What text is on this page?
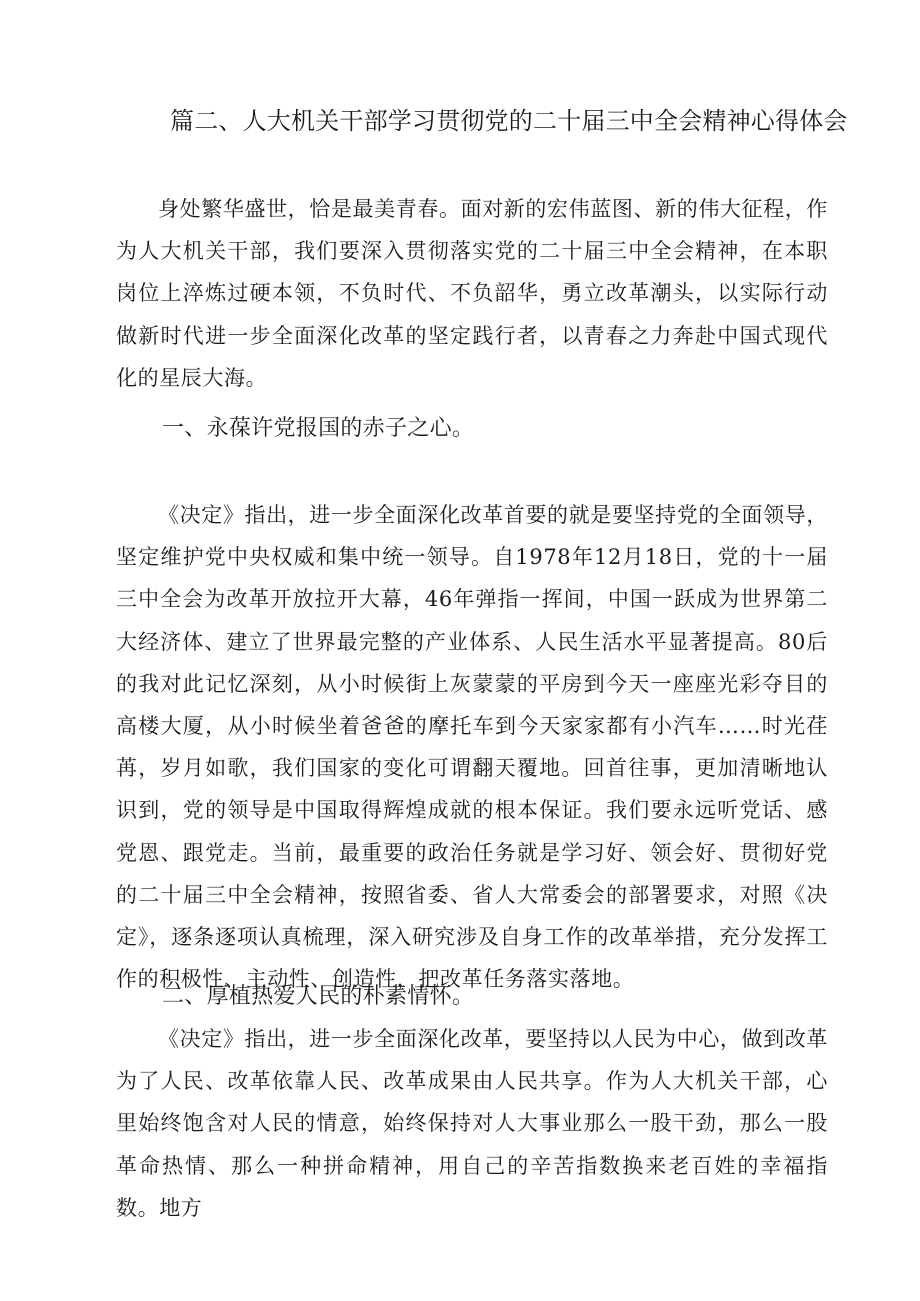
篇二、人大机关干部学习贯彻党的二十届三中全会精神心得体会

身处繁华盛世，恰是最美青春。面对新的宏伟蓝图、新的伟大征程，作为人大机关干部，我们要深入贯彻落实党的二十届三中全会精神，在本职岗位上淬炼过硬本领，不负时代、不负韶华，勇立改革潮头，以实际行动做新时代进一步全面深化改革的坚定践行者，以青春之力奔赴中国式现代化的星辰大海。

一、永葆许党报国的赤子之心。

《决定》指出，进一步全面深化改革首要的就是要坚持党的全面领导，坚定维护党中央权威和集中统一领导。自1978年12月18日，党的十一届三中全会为改革开放拉开大幕，46年弹指一挥间，中国一跃成为世界第二大经济体、建立了世界最完整的产业体系、人民生活水平显著提高。80后的我对此记忆深刻，从小时候街上灰蒙蒙的平房到今天一座座光彩夺目的高楼大厦，从小时候坐着爸爸的摩托车到今天家家都有小汽车……时光荏苒，岁月如歌，我们国家的变化可谓翻天覆地。回首往事，更加清晰地认识到，党的领导是中国取得辉煌成就的根本保证。我们要永远听党话、感党恩、跟党走。当前，最重要的政治任务就是学习好、领会好、贯彻好党的二十届三中全会精神，按照省委、省人大常委会的部署要求，对照《决定》，逐条逐项认真梳理，深入研究涉及自身工作的改革举措，充分发挥工作的积极性、主动性、创造性，把改革任务落实落地。

二、厚植热爱人民的朴素情怀。

《决定》指出，进一步全面深化改革，要坚持以人民为中心，做到改革为了人民、改革依靠人民、改革成果由人民共享。作为人大机关干部，心里始终饱含对人民的情意，始终保持对人大事业那么一股干劲，那么一股革命热情、那么一种拼命精神，用自己的辛苦指数换来老百姓的幸福指数。地方
